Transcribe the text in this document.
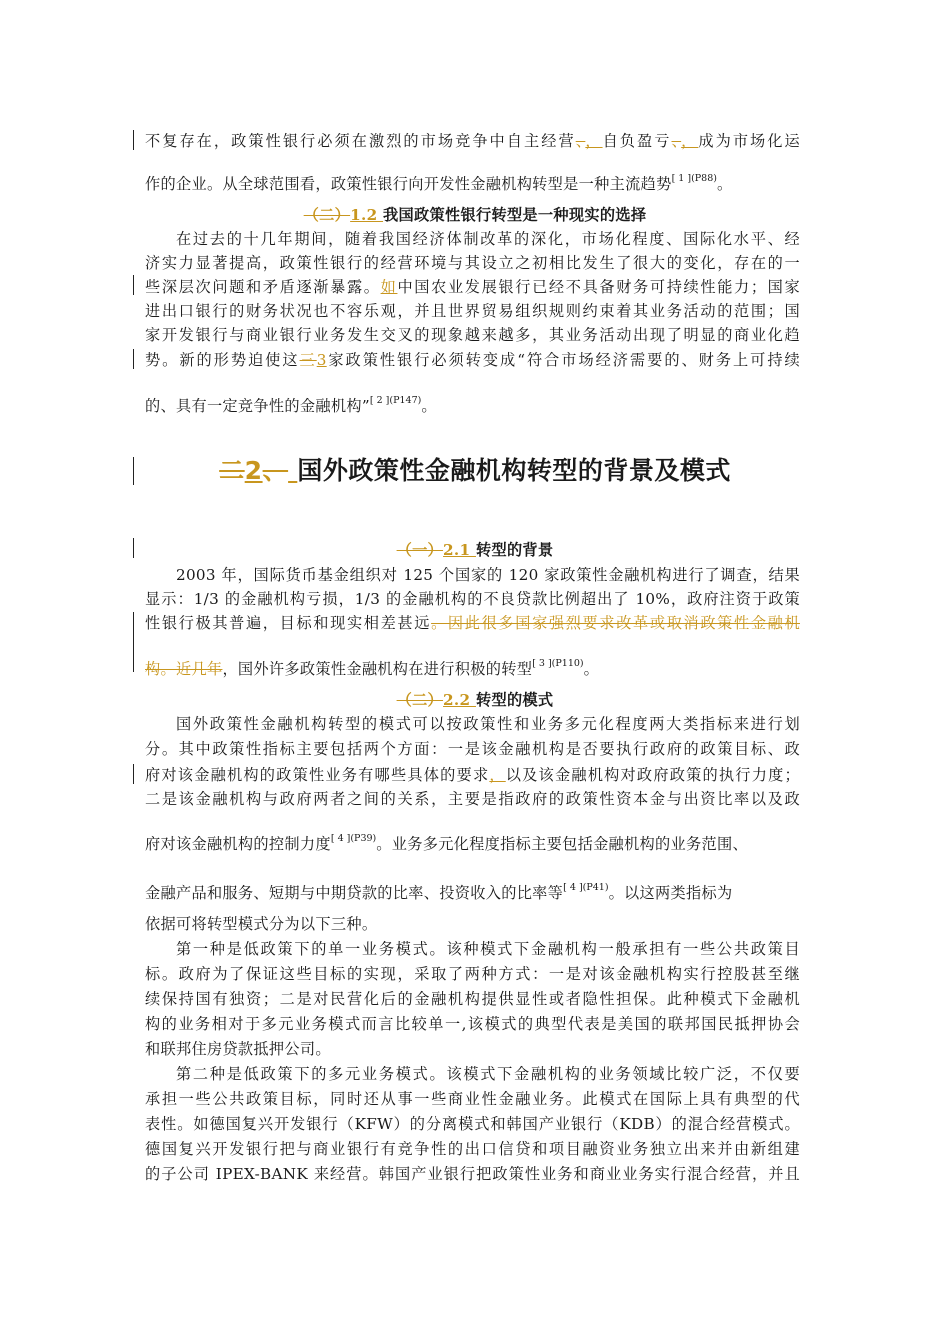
不复存在，政策性银行必须在激烈的市场竞争中自主经营、，自负盈亏、，成为市场化运
作的企业。从全球范围看，政策性银行向开发性金融机构转型是一种主流趋势$^{[ 1 ](P88)}$。
（二）1.2 我国政策性银行转型是一种现实的选择
在过去的十几年期间，随着我国经济体制改革的深化，市场化程度、国际化水平、经
济实力显著提高，政策性银行的经营环境与其设立之初相比发生了很大的变化，存在的一
些深层次问题和矛盾逐渐暴露。如中国农业发展银行已经不具备财务可持续性能力；国家
进出口银行的财务状况也不容乐观，并且世界贸易组织规则约束着其业务活动的范围；国
家开发银行与商业银行业务发生交叉的现象越来越多，其业务活动出现了明显的商业化趋
势。新的形势迫使这三3家政策性银行必须转变成“符合市场经济需要的、财务上可持续
的、具有一定竞争性的金融机构”$^{[ 2 ](P147)}$。
二2、 国外政策性金融机构转型的背景及模式
（一）2.1 转型的背景
2003 年，国际货币基金组织对 125 个国家的 120 家政策性金融机构进行了调查，结果
显示：1/3 的金融机构亏损，1/3 的金融机构的不良贷款比例超出了 10%，政府注资于政策
性银行极其普遍，目标和现实相差甚远。因此很多国家强烈要求改革或取消政策性金融机
构。近几年，国外许多政策性金融机构在进行积极的转型$^{[ 3 ](P110)}$。
（二）2.2 转型的模式
国外政策性金融机构转型的模式可以按政策性和业务多元化程度两大类指标来进行划
分。其中政策性指标主要包括两个方面：一是该金融机构是否要执行政府的政策目标、政
府对该金融机构的政策性业务有哪些具体的要求，以及该金融机构对政府政策的执行力度；
二是该金融机构与政府两者之间的关系，主要是指政府的政策性资本金与出资比率以及政
府对该金融机构的控制力度$^{[ 4 ](P39)}$。业务多元化程度指标主要包括金融机构的业务范围、
金融产品和服务、短期与中期贷款的比率、投资收入的比率等$^{[ 4 ](P41)}$。以这两类指标为
依据可将转型模式分为以下三种。
第一种是低政策下的单一业务模式。该种模式下金融机构一般承担有一些公共政策目
标。政府为了保证这些目标的实现，采取了两种方式：一是对该金融机构实行控股甚至继
续保持国有独资；二是对民营化后的金融机构提供显性或者隐性担保。此种模式下金融机
构的业务相对于多元业务模式而言比较单一,该模式的典型代表是美国的联邦国民抵押协会
和联邦住房贷款抵押公司。
第二种是低政策下的多元业务模式。该模式下金融机构的业务领域比较广泛，不仅要
承担一些公共政策目标，同时还从事一些商业性金融业务。此模式在国际上具有典型的代
表性。如德国复兴开发银行（KFW）的分离模式和韩国产业银行（KDB）的混合经营模式。
德国复兴开发银行把与商业银行有竞争性的出口信贷和项目融资业务独立出来并由新组建
的子公司 IPEX-BANK 来经营。韩国产业银行把政策性业务和商业业务实行混合经营，并且
